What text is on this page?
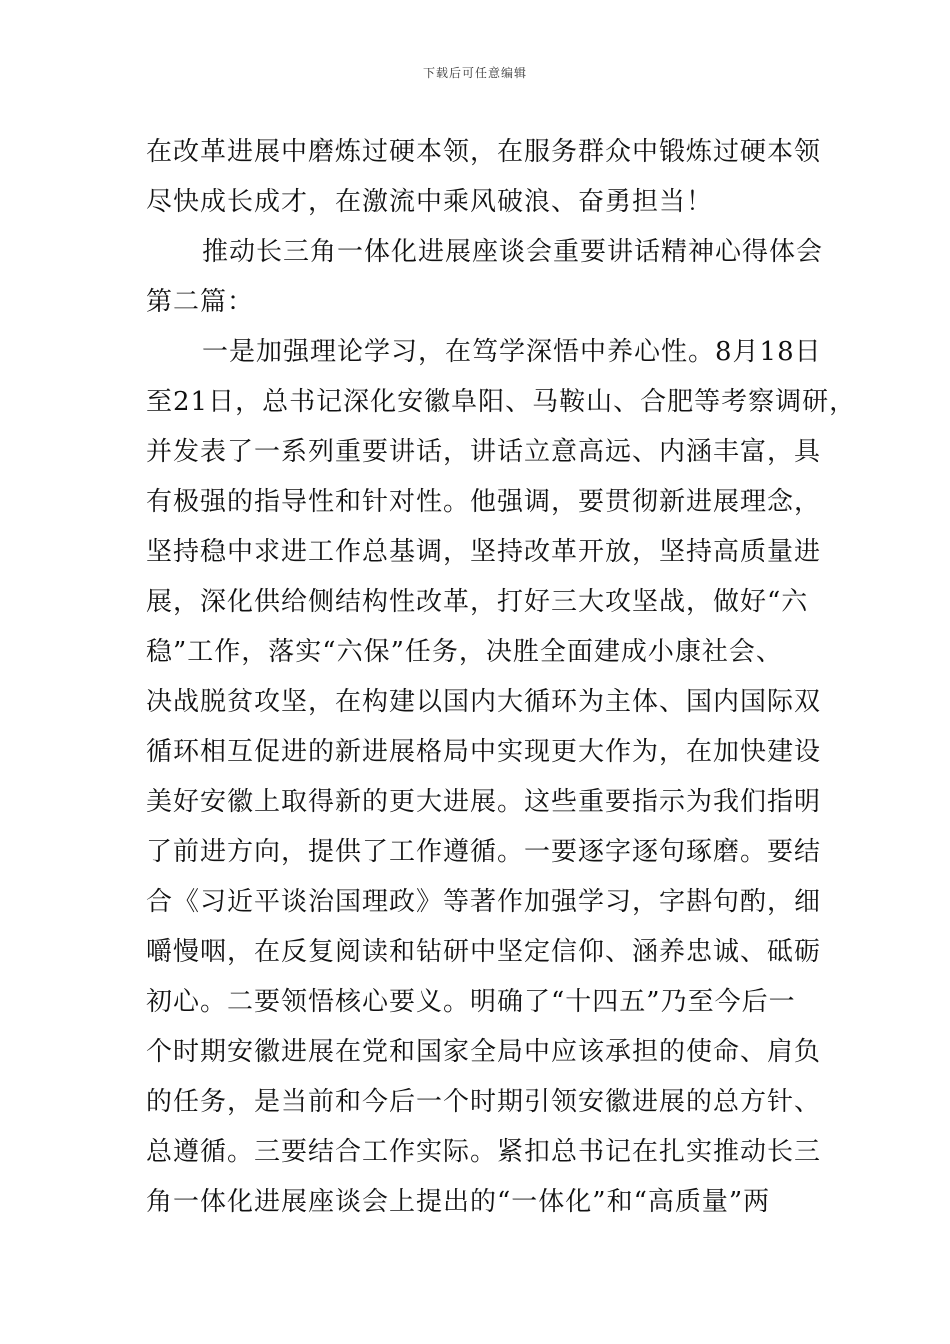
下载后可任意编辑
在改革进展中磨炼过硬本领，在服务群众中锻炼过硬本领
尽快成长成才，在激流中乘风破浪、奋勇担当！
推动长三角一体化进展座谈会重要讲话精神心得体会
第二篇：
一是加强理论学习，在笃学深悟中养心性。8月18日
至21日，总书记深化安徽阜阳、马鞍山、合肥等考察调研，
并发表了一系列重要讲话，讲话立意高远、内涵丰富，具
有极强的指导性和针对性。他强调，要贯彻新进展理念，
坚持稳中求进工作总基调，坚持改革开放，坚持高质量进
展，深化供给侧结构性改革，打好三大攻坚战，做好“六
稳”工作，落实“六保”任务，决胜全面建成小康社会、
决战脱贫攻坚，在构建以国内大循环为主体、国内国际双
循环相互促进的新进展格局中实现更大作为，在加快建设
美好安徽上取得新的更大进展。这些重要指示为我们指明
了前进方向，提供了工作遵循。一要逐字逐句琢磨。要结
合《习近平谈治国理政》等著作加强学习，字斟句酌，细
嚼慢咽，在反复阅读和钻研中坚定信仰、涵养忠诚、砥砺
初心。二要领悟核心要义。明确了“十四五”乃至今后一
个时期安徽进展在党和国家全局中应该承担的使命、肩负
的任务，是当前和今后一个时期引领安徽进展的总方针、
总遵循。三要结合工作实际。紧扣总书记在扎实推动长三
角一体化进展座谈会上提出的“一体化”和“高质量”两
